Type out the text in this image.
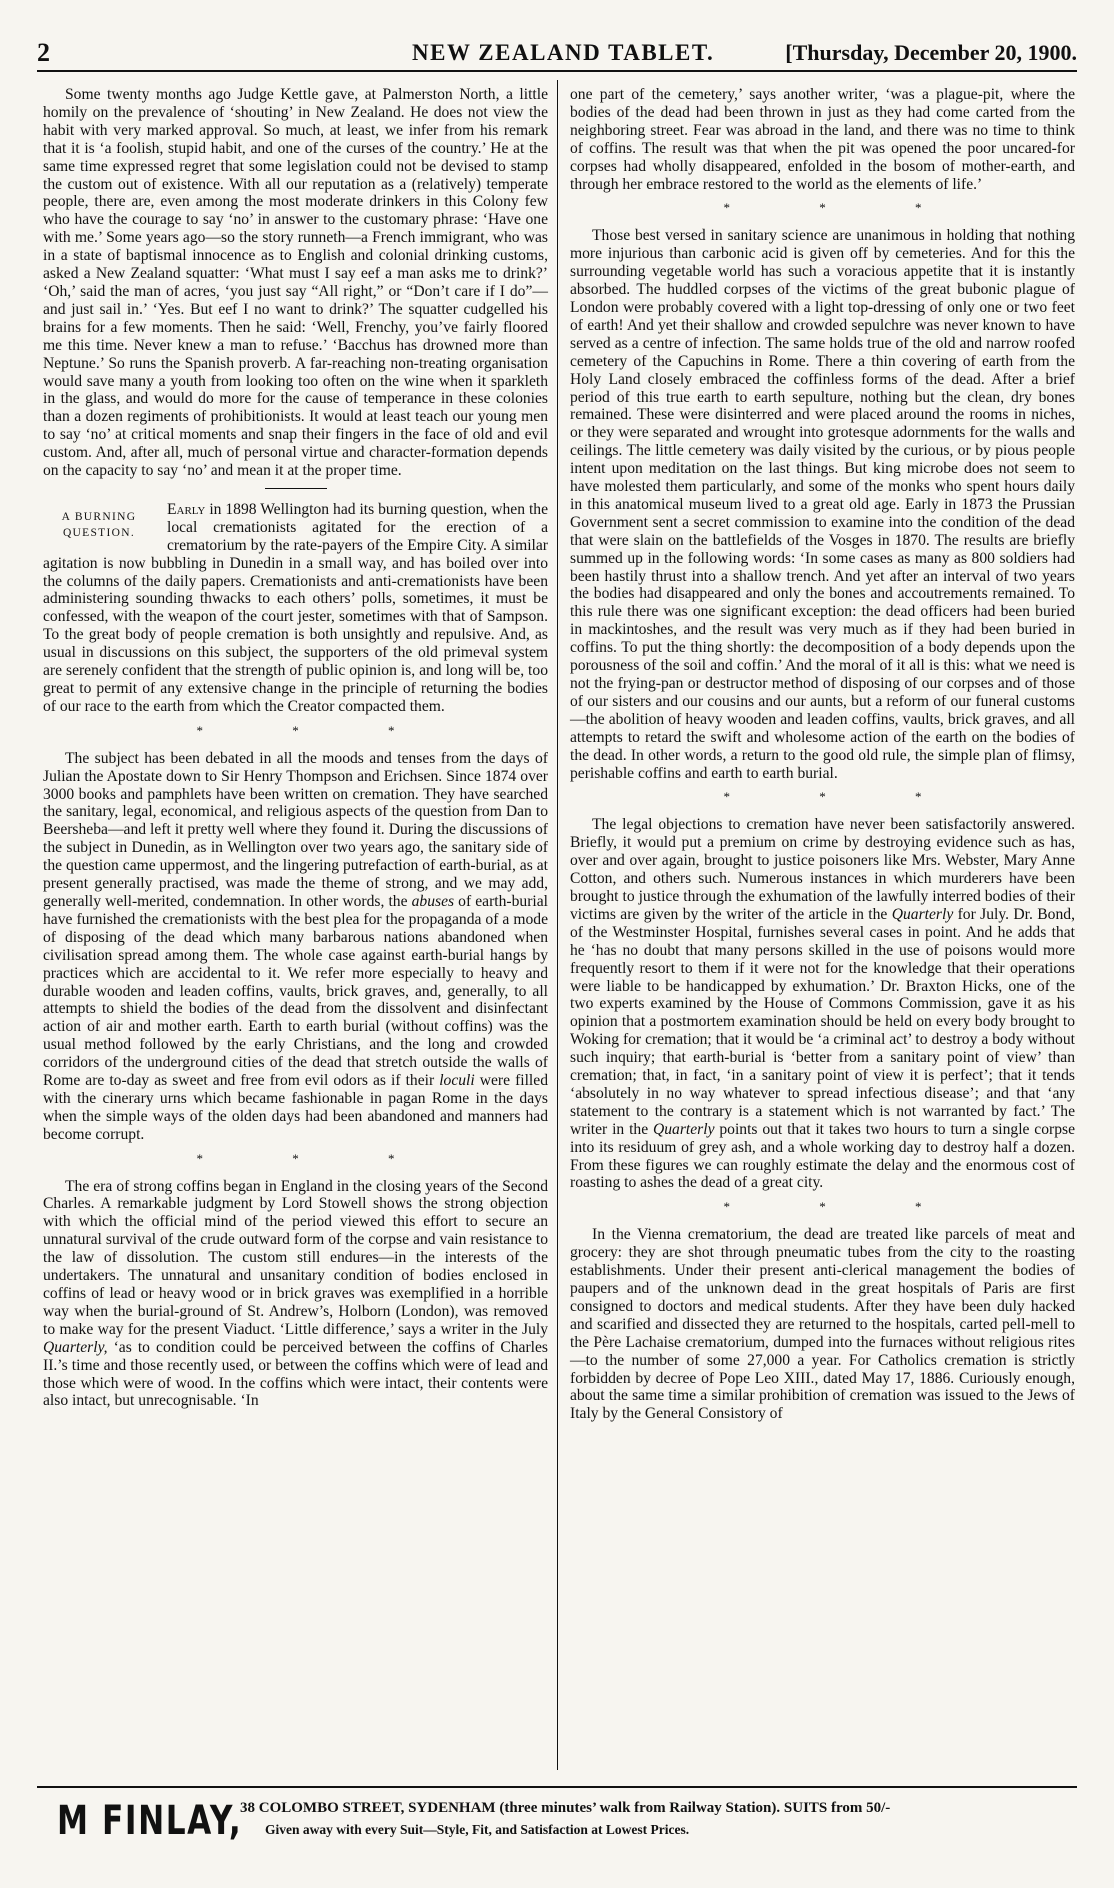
2	NEW ZEALAND TABLET.	[Thursday, December 20, 1900.

Some twenty months ago Judge Kettle gave, at Palmerston North, a little homily on the prevalence of ‘shouting’ in New Zealand. He does not view the habit with very marked approval. So much, at least, we infer from his remark that it is ‘a foolish, stupid habit, and one of the curses of the country.’ He at the same time expressed regret that some legislation could not be devised to stamp the custom out of existence. With all our reputation as a (relatively) temperate people, there are, even among the most moderate drinkers in this Colony few who have the courage to say ‘no’ in answer to the customary phrase: ‘Have one with me.’ Some years ago—so the story runneth—a French immigrant, who was in a state of baptismal innocence as to English and colonial drinking customs, asked a New Zealand squatter: ‘What must I say eef a man asks me to drink?’ ‘Oh,’ said the man of acres, ‘you just say “All right,” or “Don’t care if I do”—and just sail in.’ ‘Yes. But eef I no want to drink?’ The squatter cudgelled his brains for a few moments. Then he said: ‘Well, Frenchy, you’ve fairly floored me this time. Never knew a man to refuse.’ ‘Bacchus has drowned more than Neptune.’ So runs the Spanish proverb. A far-reaching non-treating organisation would save many a youth from looking too often on the wine when it sparkleth in the glass, and would do more for the cause of temperance in these colonies than a dozen regiments of prohibitionists. It would at least teach our young men to say ‘no’ at critical moments and snap their fingers in the face of old and evil custom. And, after all, much of personal virtue and character-formation depends on the capacity to say ‘no’ and mean it at the proper time.

A BURNING QUESTION.

Early in 1898 Wellington had its burning question, when the local cremationists agitated for the erection of a crematorium by the rate-payers of the Empire City. A similar agitation is now bubbling in Dunedin in a small way, and has boiled over into the columns of the daily papers. Cremationists and anti-cremationists have been administering sounding thwacks to each others’ polls, sometimes, it must be confessed, with the weapon of the court jester, sometimes with that of Sampson. To the great body of people cremation is both unsightly and repulsive. And, as usual in discussions on this subject, the supporters of the old primeval system are serenely confident that the strength of public opinion is, and long will be, too great to permit of any extensive change in the principle of returning the bodies of our race to the earth from which the Creator compacted them.

* * *

The subject has been debated in all the moods and tenses from the days of Julian the Apostate down to Sir Henry Thompson and Erichsen. Since 1874 over 3000 books and pamphlets have been written on cremation. They have searched the sanitary, legal, economical, and religious aspects of the question from Dan to Beersheba—and left it pretty well where they found it. During the discussions of the subject in Dunedin, as in Wellington over two years ago, the sanitary side of the question came uppermost, and the lingering putrefaction of earth-burial, as at present generally practised, was made the theme of strong, and we may add, generally well-merited, condemnation. In other words, the abuses of earth-burial have furnished the cremationists with the best plea for the propaganda of a mode of disposing of the dead which many barbarous nations abandoned when civilisation spread among them. The whole case against earth-burial hangs by practices which are accidental to it. We refer more especially to heavy and durable wooden and leaden coffins, vaults, brick graves, and, generally, to all attempts to shield the bodies of the dead from the dissolvent and disinfectant action of air and mother earth. Earth to earth burial (without coffins) was the usual method followed by the early Christians, and the long and crowded corridors of the underground cities of the dead that stretch outside the walls of Rome are to-day as sweet and free from evil odors as if their loculi were filled with the cinerary urns which became fashionable in pagan Rome in the days when the simple ways of the olden days had been abandoned and manners had become corrupt.

* * *

The era of strong coffins began in England in the closing years of the Second Charles. A remarkable judgment by Lord Stowell shows the strong objection with which the official mind of the period viewed this effort to secure an unnatural survival of the crude outward form of the corpse and vain resistance to the law of dissolution. The custom still endures—in the interests of the undertakers. The unnatural and unsanitary condition of bodies enclosed in coffins of lead or heavy wood or in brick graves was exemplified in a horrible way when the burial-ground of St. Andrew’s, Holborn (London), was removed to make way for the present Viaduct. ‘Little difference,’ says a writer in the July Quarterly, ‘as to condition could be perceived between the coffins of Charles II.’s time and those recently used, or between the coffins which were of lead and those which were of wood. In the coffins which were intact, their contents were also intact, but unrecognisable. ‘In

one part of the cemetery,’ says another writer, ‘was a plague-pit, where the bodies of the dead had been thrown in just as they had come carted from the neighboring street. Fear was abroad in the land, and there was no time to think of coffins. The result was that when the pit was opened the poor uncared-for corpses had wholly disappeared, enfolded in the bosom of mother-earth, and through her embrace restored to the world as the elements of life.’

* * *

Those best versed in sanitary science are unanimous in holding that nothing more injurious than carbonic acid is given off by cemeteries. And for this the surrounding vegetable world has such a voracious appetite that it is instantly absorbed. The huddled corpses of the victims of the great bubonic plague of London were probably covered with a light top-dressing of only one or two feet of earth! And yet their shallow and crowded sepulchre was never known to have served as a centre of infection. The same holds true of the old and narrow roofed cemetery of the Capuchins in Rome. There a thin covering of earth from the Holy Land closely embraced the coffinless forms of the dead. After a brief period of this true earth to earth sepulture, nothing but the clean, dry bones remained. These were disinterred and were placed around the rooms in niches, or they were separated and wrought into grotesque adornments for the walls and ceilings. The little cemetery was daily visited by the curious, or by pious people intent upon meditation on the last things. But king microbe does not seem to have molested them particularly, and some of the monks who spent hours daily in this anatomical museum lived to a great old age. Early in 1873 the Prussian Government sent a secret commission to examine into the condition of the dead that were slain on the battlefields of the Vosges in 1870. The results are briefly summed up in the following words: ‘In some cases as many as 800 soldiers had been hastily thrust into a shallow trench. And yet after an interval of two years the bodies had disappeared and only the bones and accoutrements remained. To this rule there was one significant exception: the dead officers had been buried in mackintoshes, and the result was very much as if they had been buried in coffins. To put the thing shortly: the decomposition of a body depends upon the porousness of the soil and coffin.’ And the moral of it all is this: what we need is not the frying-pan or destructor method of disposing of our corpses and of those of our sisters and our cousins and our aunts, but a reform of our funeral customs—the abolition of heavy wooden and leaden coffins, vaults, brick graves, and all attempts to retard the swift and wholesome action of the earth on the bodies of the dead. In other words, a return to the good old rule, the simple plan of flimsy, perishable coffins and earth to earth burial.

* * *

The legal objections to cremation have never been satisfactorily answered. Briefly, it would put a premium on crime by destroying evidence such as has, over and over again, brought to justice poisoners like Mrs. Webster, Mary Anne Cotton, and others such. Numerous instances in which murderers have been brought to justice through the exhumation of the lawfully interred bodies of their victims are given by the writer of the article in the Quarterly for July. Dr. Bond, of the Westminster Hospital, furnishes several cases in point. And he adds that he ‘has no doubt that many persons skilled in the use of poisons would more frequently resort to them if it were not for the knowledge that their operations were liable to be handicapped by exhumation.’ Dr. Braxton Hicks, one of the two experts examined by the House of Commons Commission, gave it as his opinion that a postmortem examination should be held on every body brought to Woking for cremation; that it would be ‘a criminal act’ to destroy a body without such inquiry; that earth-burial is ‘better from a sanitary point of view’ than cremation; that, in fact, ‘in a sanitary point of view it is perfect’; that it tends ‘absolutely in no way whatever to spread infectious disease’; and that ‘any statement to the contrary is a statement which is not warranted by fact.’ The writer in the Quarterly points out that it takes two hours to turn a single corpse into its residuum of grey ash, and a whole working day to destroy half a dozen. From these figures we can roughly estimate the delay and the enormous cost of roasting to ashes the dead of a great city.

* * *

In the Vienna crematorium, the dead are treated like parcels of meat and grocery: they are shot through pneumatic tubes from the city to the roasting establishments. Under their present anti-clerical management the bodies of paupers and of the unknown dead in the great hospitals of Paris are first consigned to doctors and medical students. After they have been duly hacked and scarified and dissected they are returned to the hospitals, carted pell-mell to the Père Lachaise crematorium, dumped into the furnaces without religious rites—to the number of some 27,000 a year. For Catholics cremation is strictly forbidden by decree of Pope Leo XIII., dated May 17, 1886. Curiously enough, about the same time a similar prohibition of cremation was issued to the Jews of Italy by the General Consistory of

M FINLAY,
38 COLOMBO STREET, SYDENHAM (three minutes’ walk from Railway Station). SUITS from 50/-
Given away with every Suit—Style, Fit, and Satisfaction at Lowest Prices.
